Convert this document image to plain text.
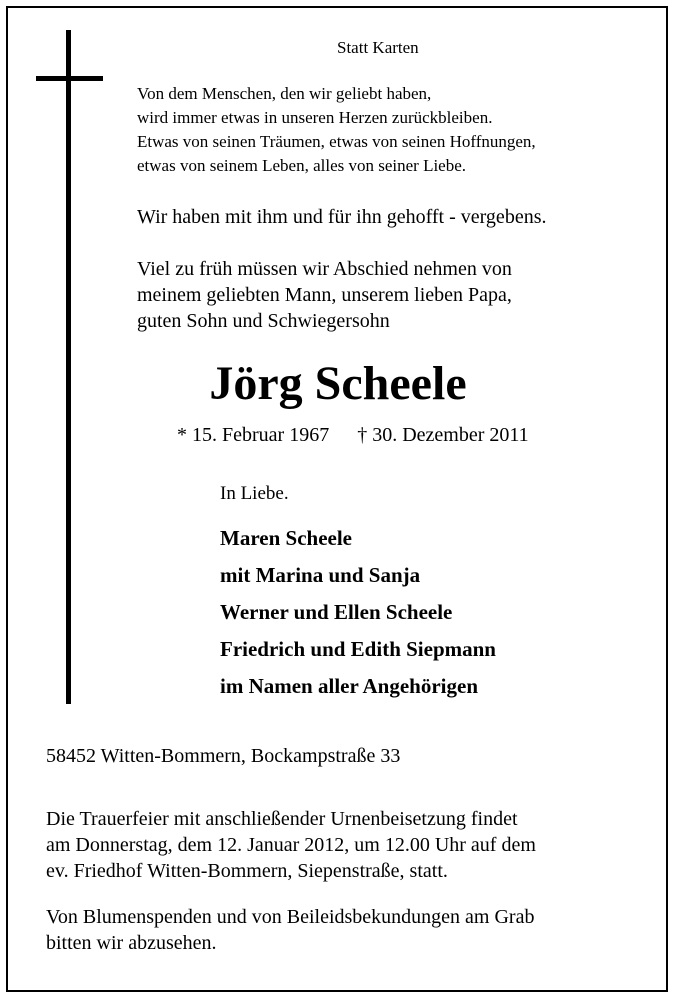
Statt Karten
Von dem Menschen, den wir geliebt haben,
wird immer etwas in unseren Herzen zurückbleiben.
Etwas von seinen Träumen, etwas von seinen Hoffnungen,
etwas von seinem Leben, alles von seiner Liebe.
Wir haben mit ihm und für ihn gehofft - vergebens.
Viel zu früh müssen wir Abschied nehmen von
meinem geliebten Mann, unserem lieben Papa,
guten Sohn und Schwiegersohn
Jörg Scheele
* 15. Februar 1967 † 30. Dezember 2011
In Liebe.
Maren Scheele
mit Marina und Sanja
Werner und Ellen Scheele
Friedrich und Edith Siepmann
im Namen aller Angehörigen
58452 Witten-Bommern, Bockampstraße 33
Die Trauerfeier mit anschließender Urnenbeisetzung findet
am Donnerstag, dem 12. Januar 2012, um 12.00 Uhr auf dem
ev. Friedhof Witten-Bommern, Siepenstraße, statt.
Von Blumenspenden und von Beileidsbekundungen am Grab
bitten wir abzusehen.
